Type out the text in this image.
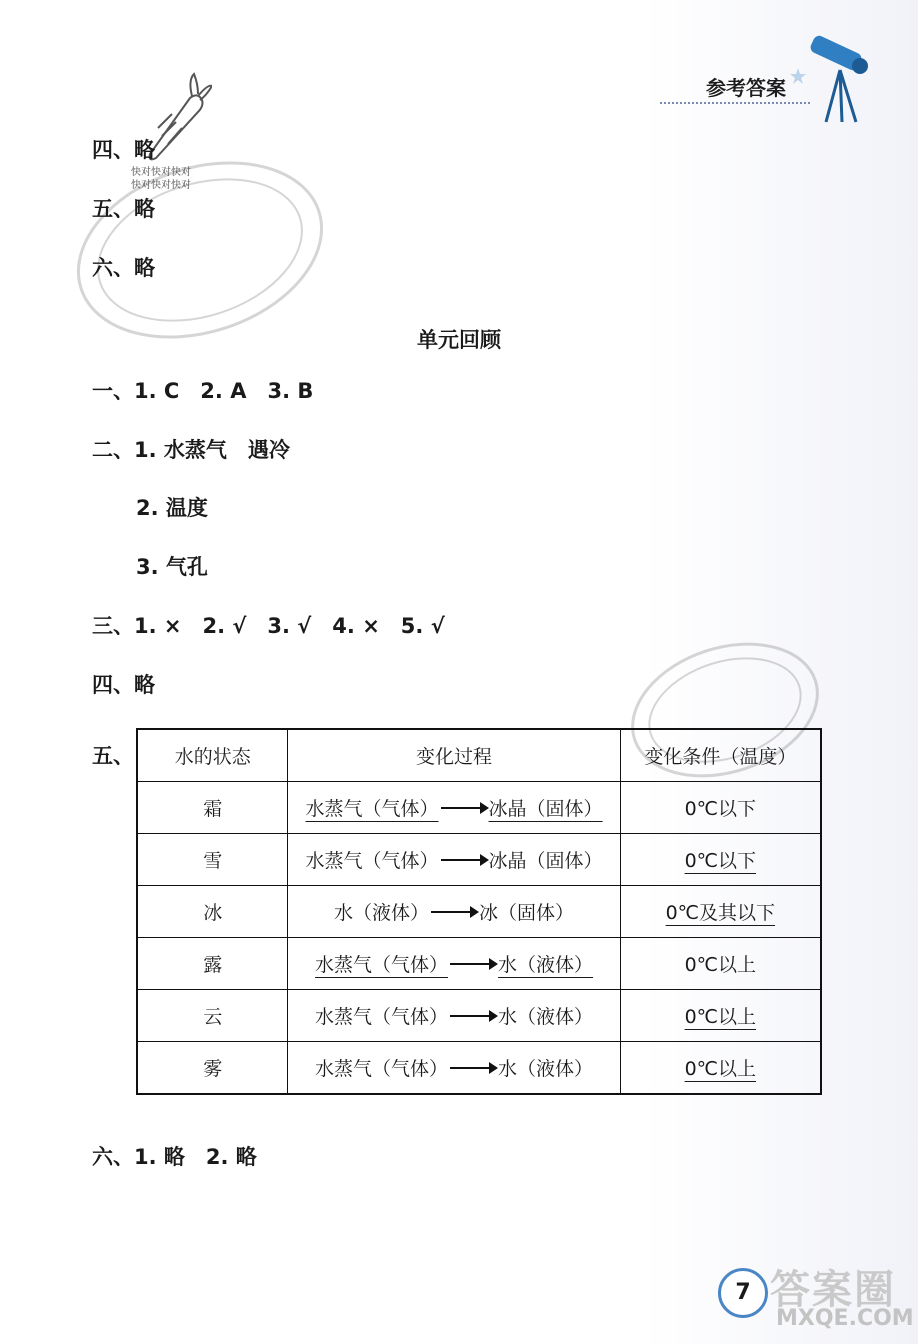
快对快对快对
快对快对快对
参考答案
四、略
五、略
六、略
单元回顾
一、1. C　2. A　3. B
二、1. 水蒸气　遇冷
2. 温度
3. 气孔
三、1. ×　2. √　3. √　4. ×　5. √
四、略
五、 水的状态	变化过程	变化条件（温度）
霜	水蒸气（气体） 冰晶（固体）	0℃以下
雪	水蒸气（气体） 冰晶（固体）	0℃以下
冰	水（液体） 冰（固体）	0℃及其以下
露	水蒸气（气体） 水（液体）	0℃以上
云	水蒸气（气体） 水（液体）	0℃以上
雾	水蒸气（气体） 水（液体）	0℃以上
六、1. 略　2. 略
7 答案圈
MXQE.COM
